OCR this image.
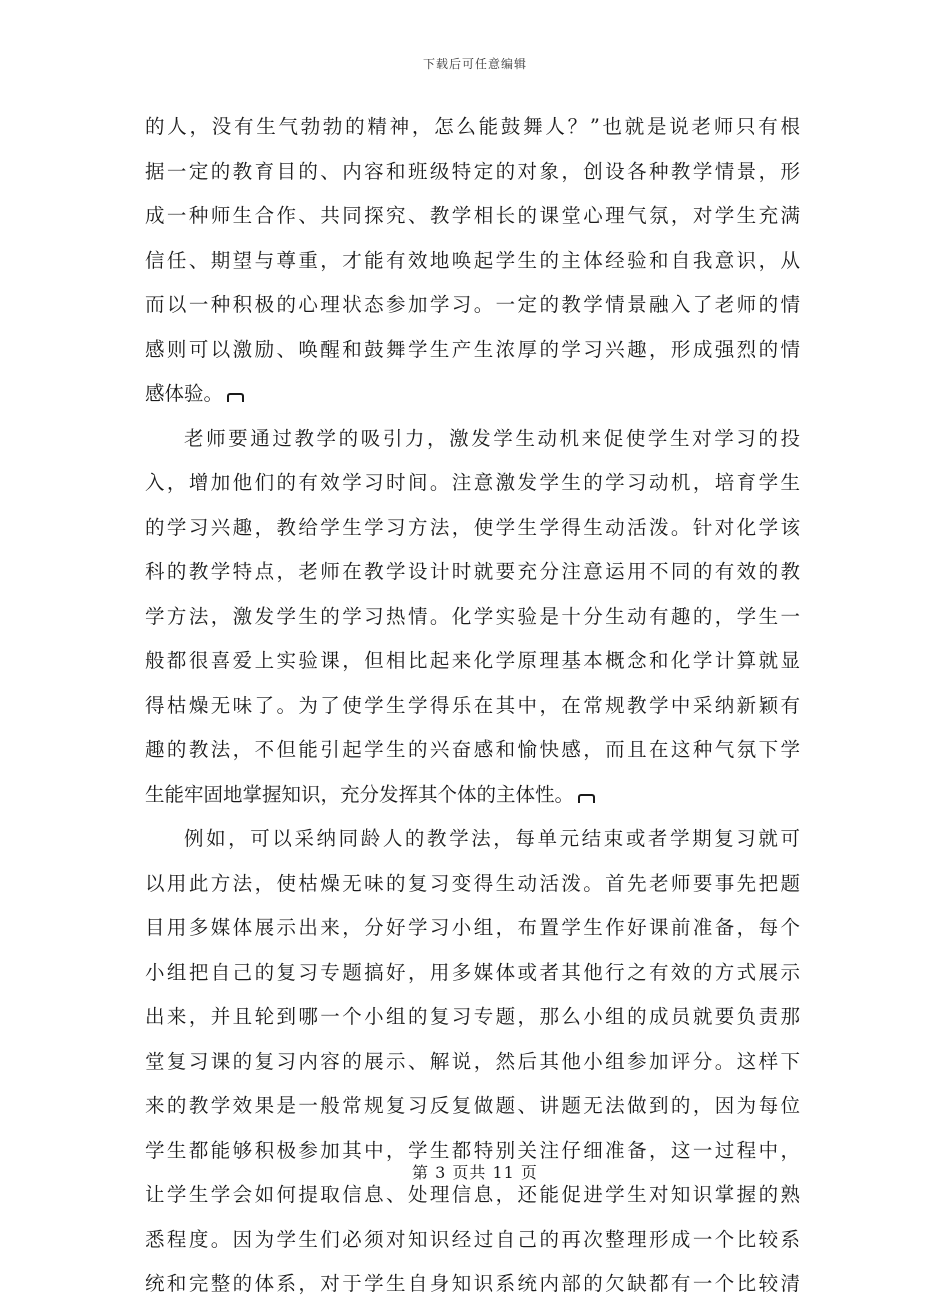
下载后可任意编辑
的人，没有生气勃勃的精神，怎么能鼓舞人？”也就是说老师只有根
据一定的教育目的、内容和班级特定的对象，创设各种教学情景，形
成一种师生合作、共同探究、教学相长的课堂心理气氛，对学生充满
信任、期望与尊重，才能有效地唤起学生的主体经验和自我意识，从
而以一种积极的心理状态参加学习。一定的教学情景融入了老师的情
感则可以激励、唤醒和鼓舞学生产生浓厚的学习兴趣，形成强烈的情
感体验。
老师要通过教学的吸引力，激发学生动机来促使学生对学习的投
入，增加他们的有效学习时间。注意激发学生的学习动机，培育学生
的学习兴趣，教给学生学习方法，使学生学得生动活泼。针对化学该
科的教学特点，老师在教学设计时就要充分注意运用不同的有效的教
学方法，激发学生的学习热情。化学实验是十分生动有趣的，学生一
般都很喜爱上实验课，但相比起来化学原理基本概念和化学计算就显
得枯燥无味了。为了使学生学得乐在其中，在常规教学中采纳新颖有
趣的教法，不但能引起学生的兴奋感和愉快感，而且在这种气氛下学
生能牢固地掌握知识，充分发挥其个体的主体性。
例如，可以采纳同龄人的教学法，每单元结束或者学期复习就可
以用此方法，使枯燥无味的复习变得生动活泼。首先老师要事先把题
目用多媒体展示出来，分好学习小组，布置学生作好课前准备，每个
小组把自己的复习专题搞好，用多媒体或者其他行之有效的方式展示
出来，并且轮到哪一个小组的复习专题，那么小组的成员就要负责那
堂复习课的复习内容的展示、解说，然后其他小组参加评分。这样下
来的教学效果是一般常规复习反复做题、讲题无法做到的，因为每位
学生都能够积极参加其中，学生都特别关注仔细准备，这一过程中，
让学生学会如何提取信息、处理信息，还能促进学生对知识掌握的熟
悉程度。因为学生们必须对知识经过自己的再次整理形成一个比较系
统和完整的体系，对于学生自身知识系统内部的欠缺都有一个比较清
第 3 页共 11 页
